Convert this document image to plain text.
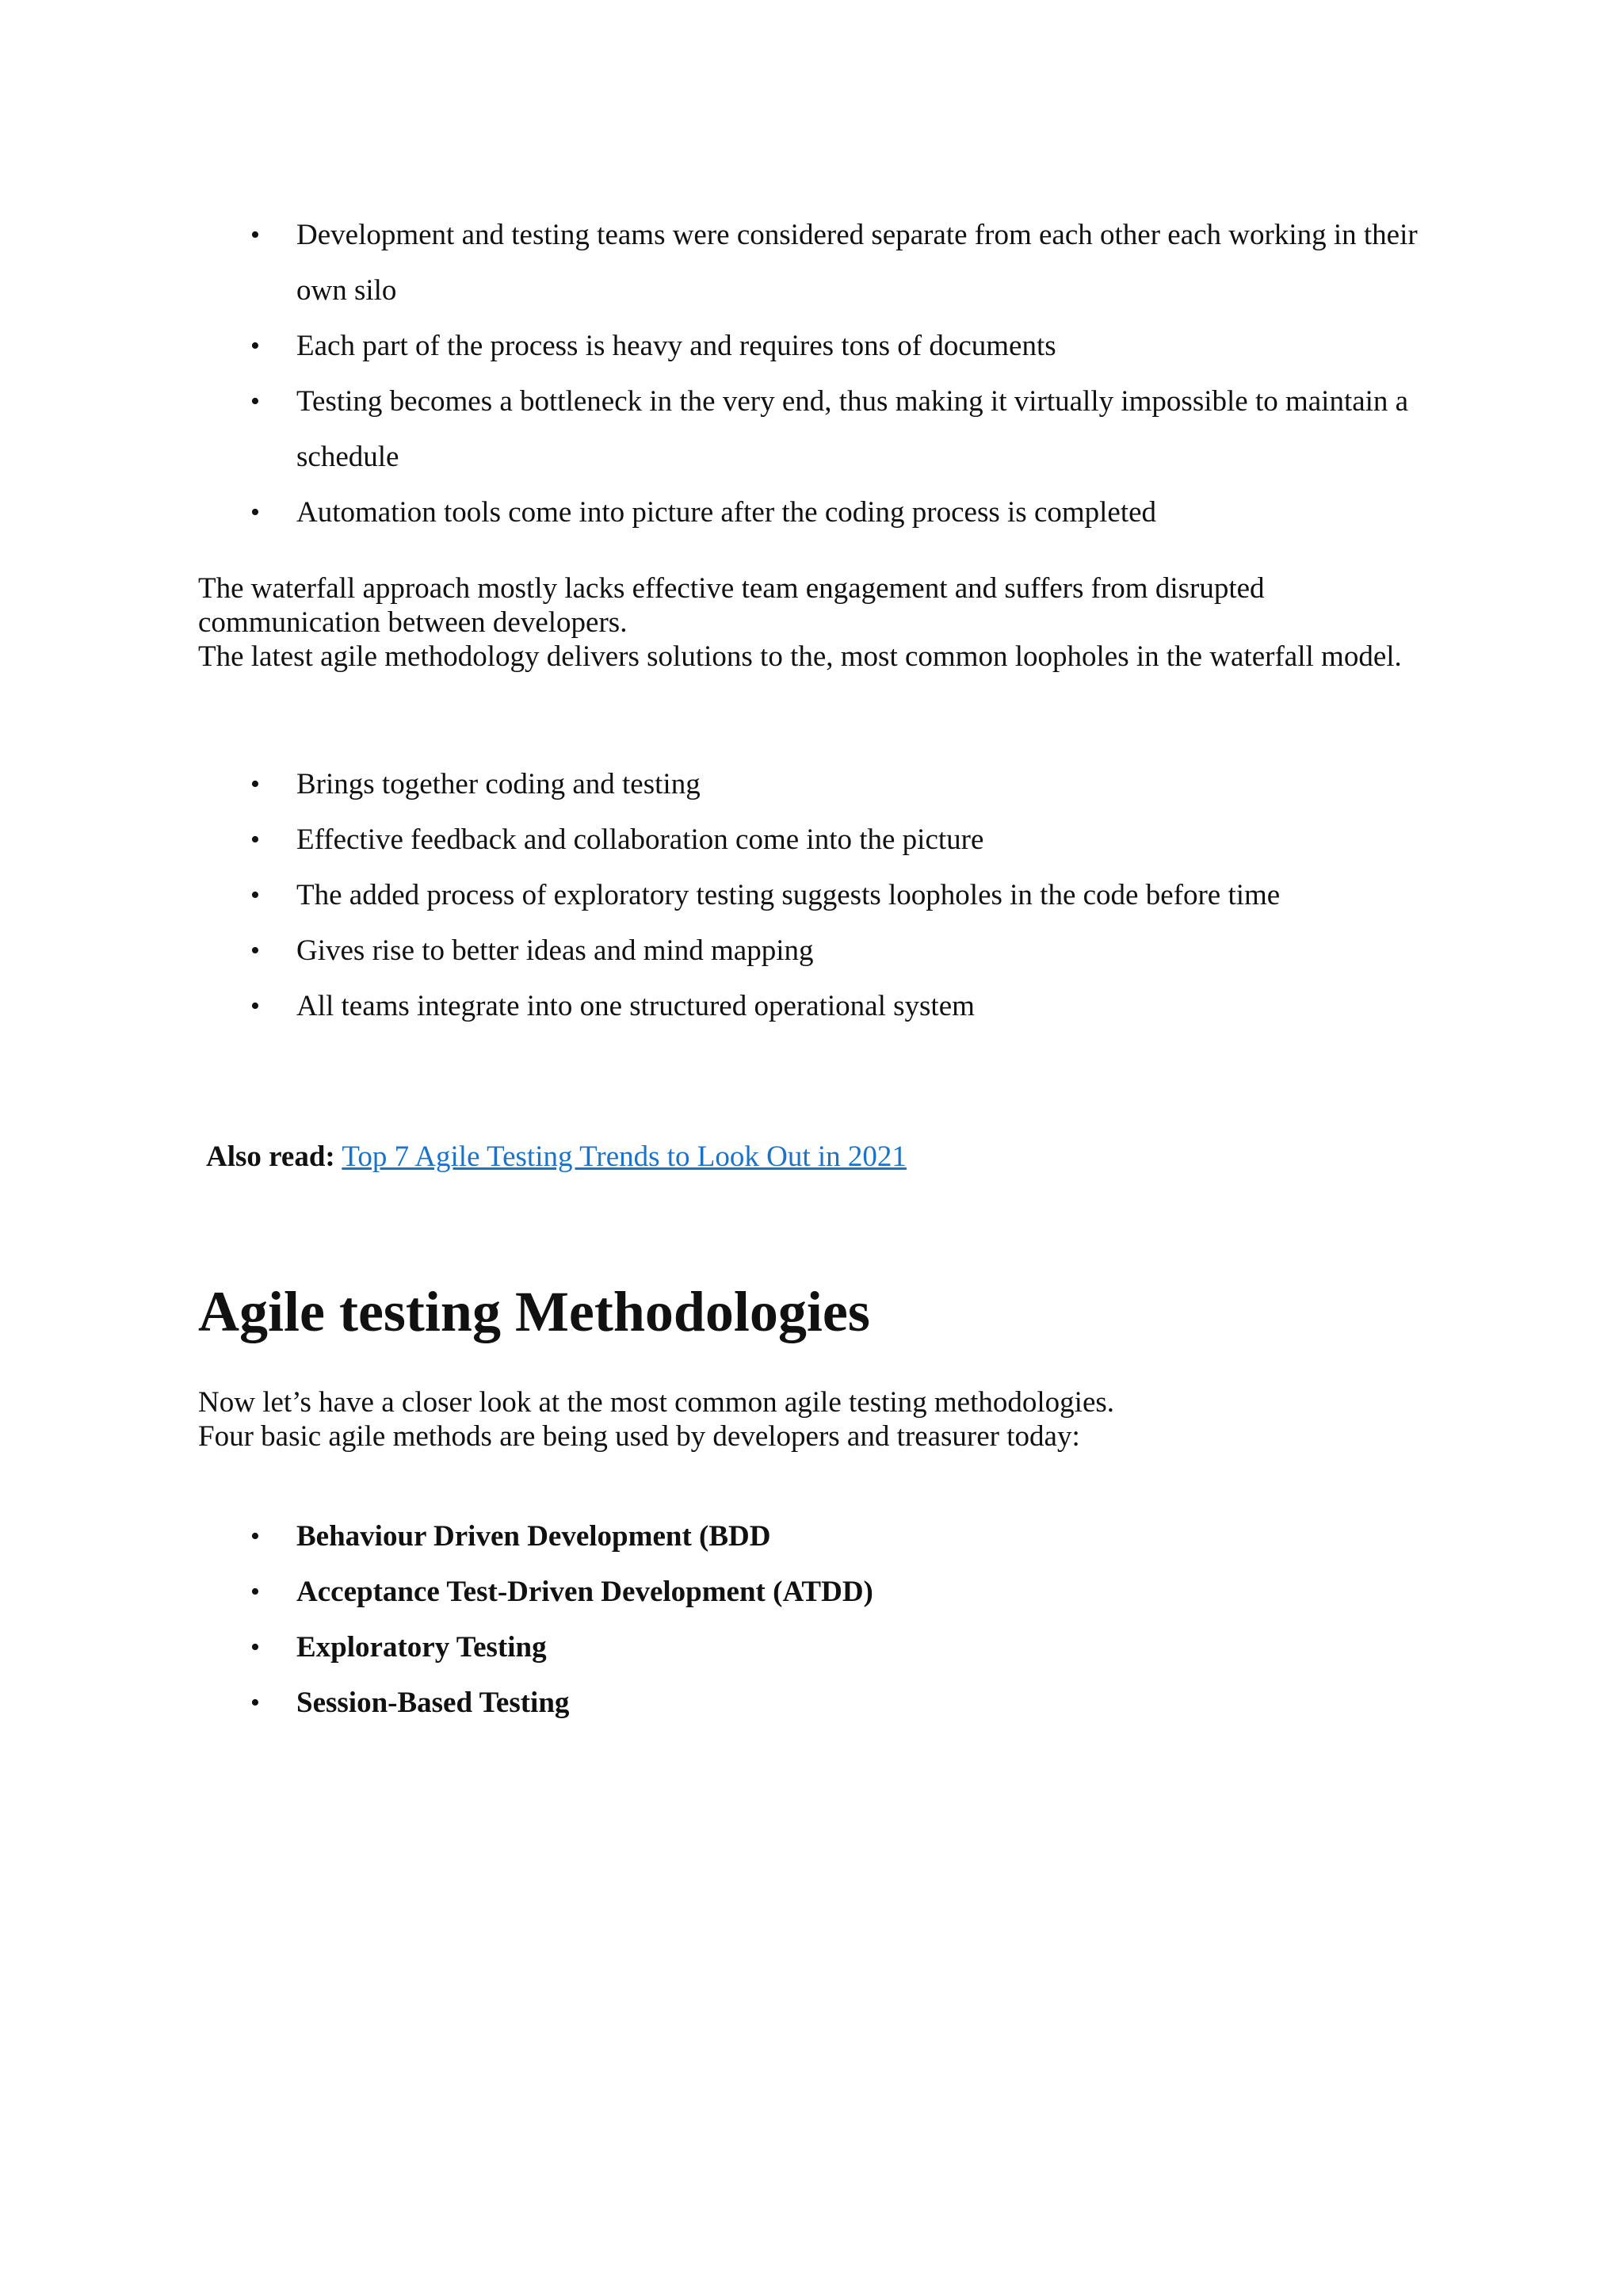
• Development and testing teams were considered separate from each other each working in their own silo
• Each part of the process is heavy and requires tons of documents
• Testing becomes a bottleneck in the very end, thus making it virtually impossible to maintain a schedule
• Automation tools come into picture after the coding process is completed

The waterfall approach mostly lacks effective team engagement and suffers from disrupted communication between developers.
The latest agile methodology delivers solutions to the, most common loopholes in the waterfall model.

• Brings together coding and testing
• Effective feedback and collaboration come into the picture
• The added process of exploratory testing suggests loopholes in the code before time
• Gives rise to better ideas and mind mapping
• All teams integrate into one structured operational system

Also read: Top 7 Agile Testing Trends to Look Out in 2021

Agile testing Methodologies

Now let’s have a closer look at the most common agile testing methodologies.
Four basic agile methods are being used by developers and treasurer today:

• Behaviour Driven Development (BDD
• Acceptance Test-Driven Development (ATDD)
• Exploratory Testing
• Session-Based Testing
